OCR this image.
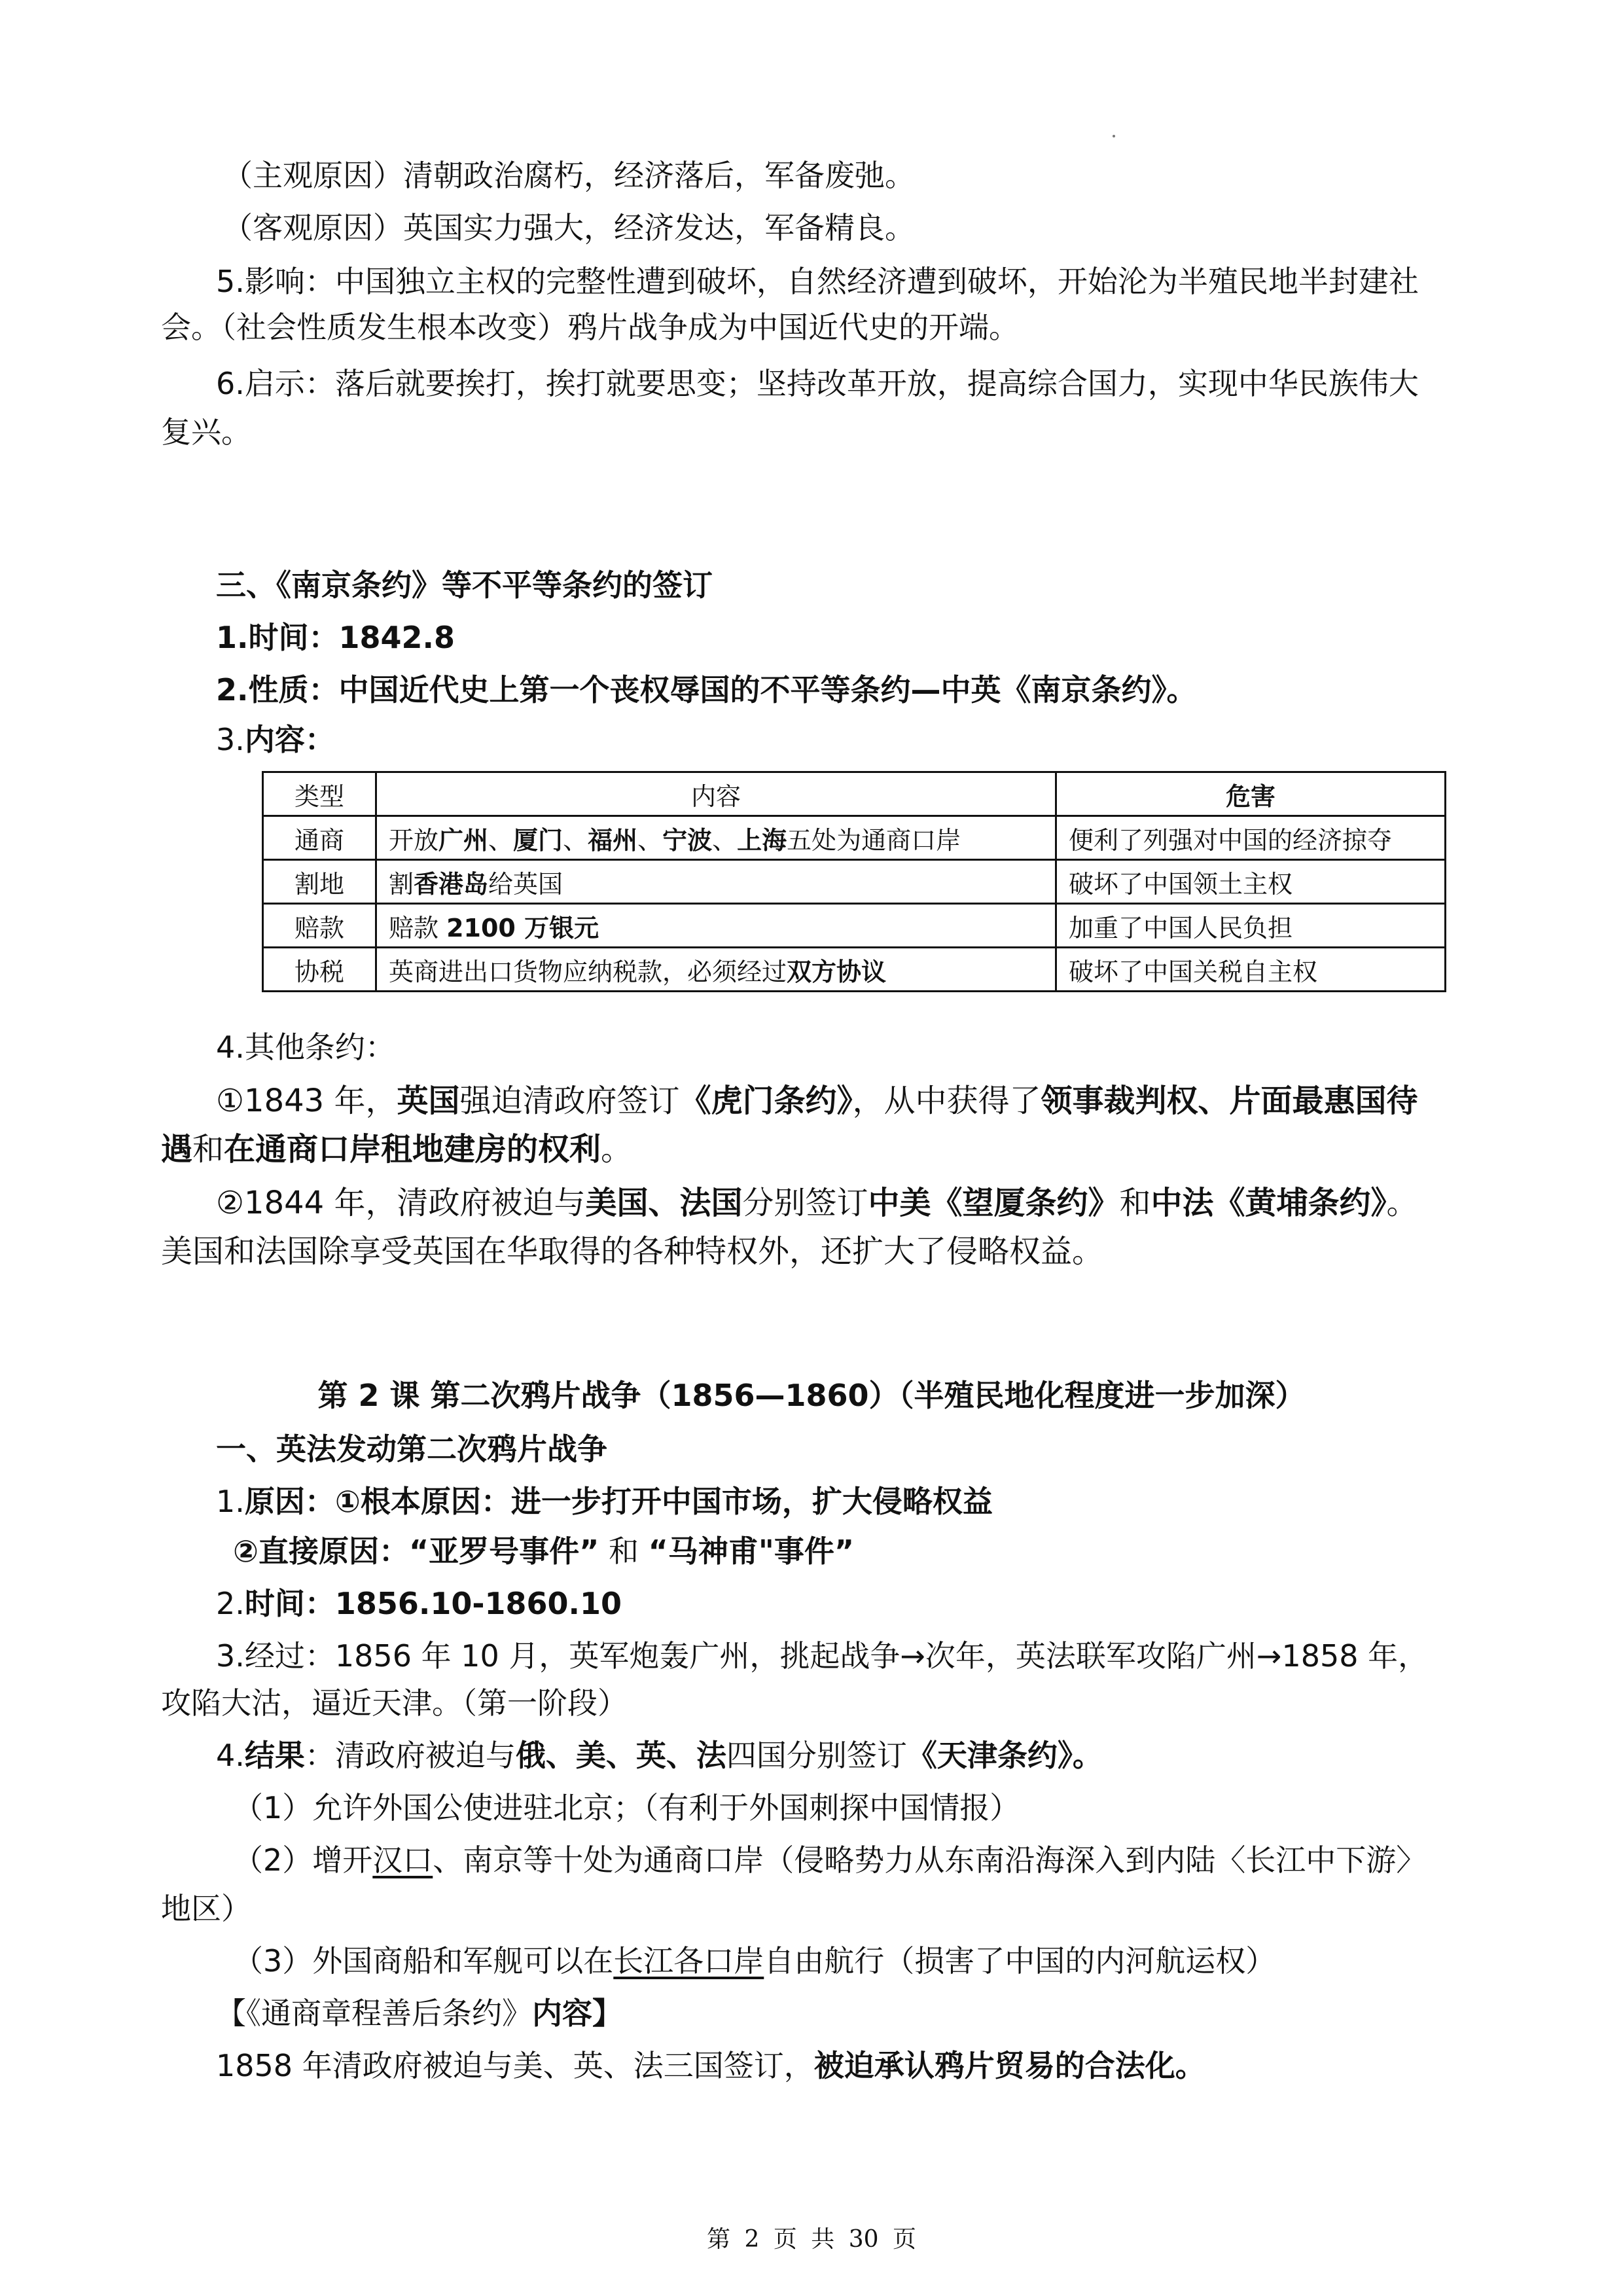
（主观原因）清朝政治腐朽，经济落后，军备废弛。
（客观原因）英国实力强大，经济发达，军备精良。
5.影响：中国独立主权的完整性遭到破坏，自然经济遭到破坏，开始沦为半殖民地半封建社
会。（社会性质发生根本改变）鸦片战争成为中国近代史的开端。
6.启示：落后就要挨打，挨打就要思变；坚持改革开放，提高综合国力，实现中华民族伟大
复兴。
三、《南京条约》等不平等条约的签订
1.时间：1842.8
2.性质：中国近代史上第一个丧权辱国的不平等条约—中英《南京条约》。
3.内容：
类型	内容	危害
通商	开放广州、厦门、福州、宁波、上海五处为通商口岸	便利了列强对中国的经济掠夺
割地	割香港岛给英国	破坏了中国领土主权
赔款	赔款 2100 万银元	加重了中国人民负担
协税	英商进出口货物应纳税款，必须经过双方协议	破坏了中国关税自主权
4.其他条约：
①1843 年，英国强迫清政府签订《虎门条约》，从中获得了领事裁判权、片面最惠国待
遇和在通商口岸租地建房的权利。
②1844 年，清政府被迫与美国、法国分别签订中美《望厦条约》和中法《黄埔条约》。
美国和法国除享受英国在华取得的各种特权外，还扩大了侵略权益。
第 2 课 第二次鸦片战争（1856—1860）（半殖民地化程度进一步加深）
一、英法发动第二次鸦片战争
1.原因：①根本原因：进一步打开中国市场，扩大侵略权益
②直接原因：“亚罗号事件” 和 “马神甫"事件”
2.时间：1856.10-1860.10
3.经过：1856 年 10 月，英军炮轰广州，挑起战争→次年，英法联军攻陷广州→1858 年，
攻陷大沽，逼近天津。（第一阶段）
4.结果：清政府被迫与俄、美、英、法四国分别签订《天津条约》。
（1）允许外国公使进驻北京；（有利于外国刺探中国情报）
（2）增开汉口、南京等十处为通商口岸（侵略势力从东南沿海深入到内陆〈长江中下游〉
地区）
（3）外国商船和军舰可以在长江各口岸自由航行（损害了中国的内河航运权）
【《通商章程善后条约》内容】
1858 年清政府被迫与美、英、法三国签订，被迫承认鸦片贸易的合法化。
第 2 页 共 30 页
